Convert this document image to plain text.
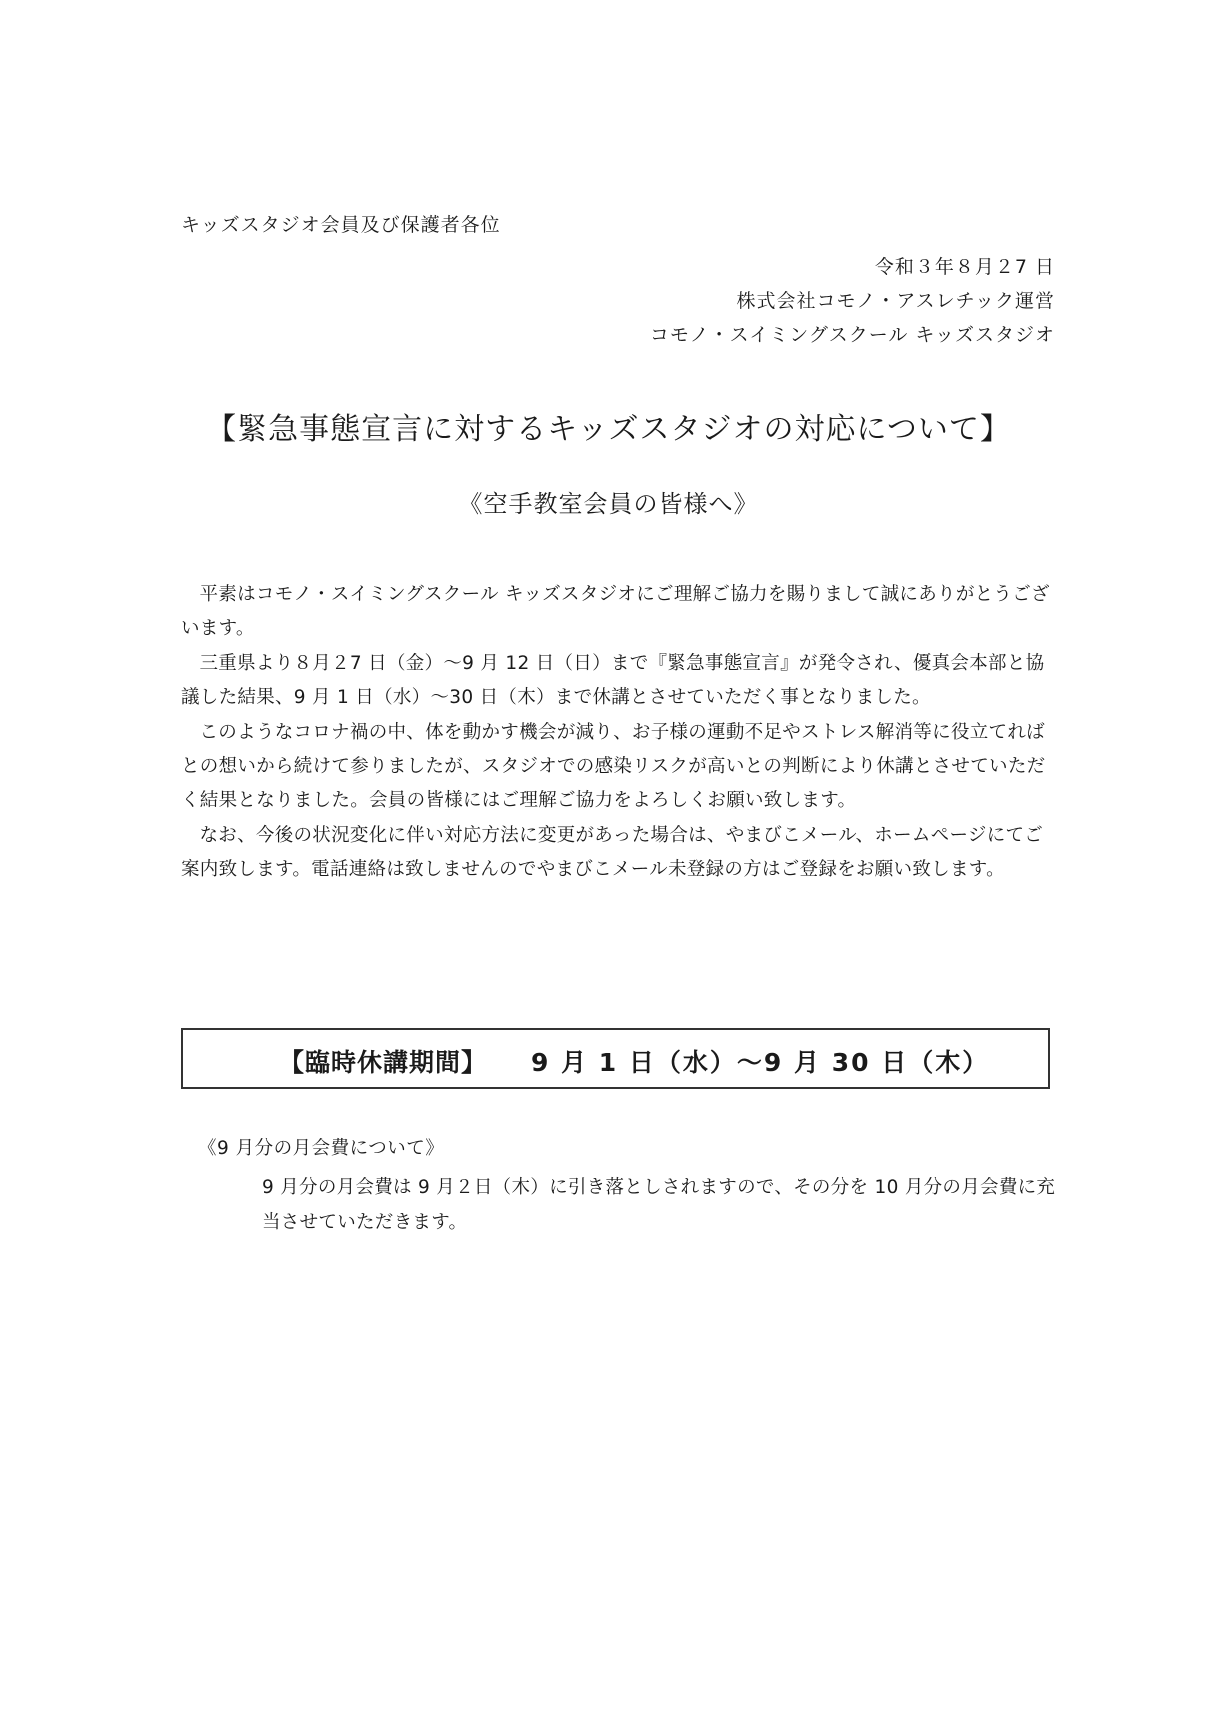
キッズスタジオ会員及び保護者各位
令和３年８月２7 日
株式会社コモノ・アスレチック運営
コモノ・スイミングスクール キッズスタジオ
【緊急事態宣言に対するキッズスタジオの対応について】
《空手教室会員の皆様へ》

平素はコモノ・スイミングスクール キッズスタジオにご理解ご協力を賜りまして誠にありがとうございます。

三重県より８月２7 日（金）～9 月 12 日（日）まで『緊急事態宣言』が発令され、優真会本部と協議した結果、9 月 1 日（水）～30 日（木）まで休講とさせていただく事となりました。

このようなコロナ禍の中、体を動かす機会が減り、お子様の運動不足やストレス解消等に役立てればとの想いから続けて参りましたが、スタジオでの感染リスクが高いとの判断により休講とさせていただく結果となりました。会員の皆様にはご理解ご協力をよろしくお願い致します。

なお、今後の状況変化に伴い対応方法に変更があった場合は、やまびこメール、ホームページにてご案内致します。電話連絡は致しませんのでやまびこメール未登録の方はご登録をお願い致します。

【臨時休講期間】 9 月 1 日（水）～9 月 30 日（木）
《9 月分の月会費について》
9 月分の月会費は 9 月２日（木）に引き落としされますので、その分を 10 月分の月会費に充当させていただきます。
